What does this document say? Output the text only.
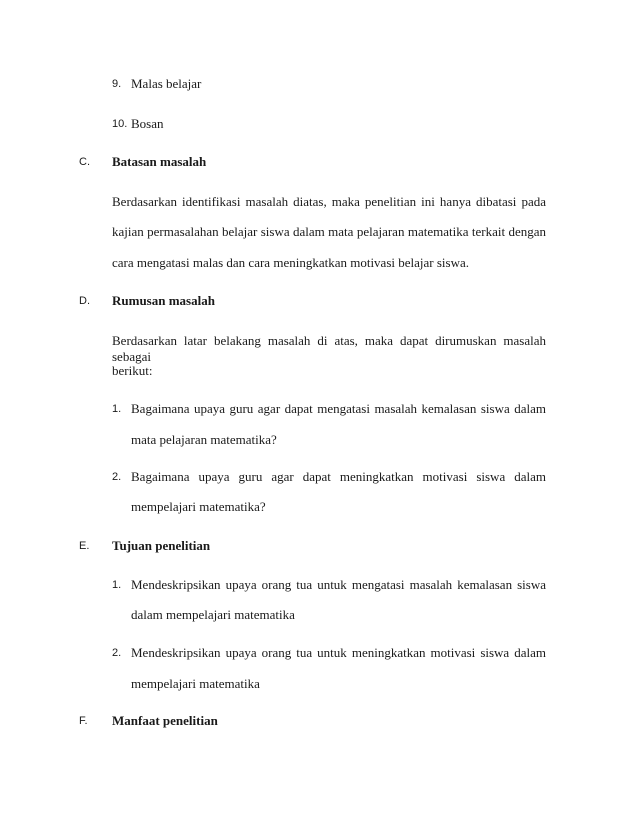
9. Malas belajar
10. Bosan
C. Batasan masalah
Berdasarkan identifikasi masalah diatas, maka penelitian ini hanya dibatasi pada
kajian permasalahan belajar siswa dalam mata pelajaran matematika terkait dengan
cara mengatasi malas dan cara meningkatkan motivasi belajar siswa.
D. Rumusan masalah
Berdasarkan latar belakang masalah di atas, maka dapat dirumuskan masalah sebagai
berikut:
1. Bagaimana upaya guru agar dapat mengatasi masalah kemalasan siswa dalam
mata pelajaran matematika?
2. Bagaimana upaya guru agar dapat meningkatkan motivasi siswa dalam
mempelajari matematika?
E. Tujuan penelitian
1. Mendeskripsikan upaya orang tua untuk mengatasi masalah kemalasan siswa
dalam mempelajari matematika
2. Mendeskripsikan upaya orang tua untuk meningkatkan motivasi siswa dalam
mempelajari matematika
F. Manfaat penelitian
